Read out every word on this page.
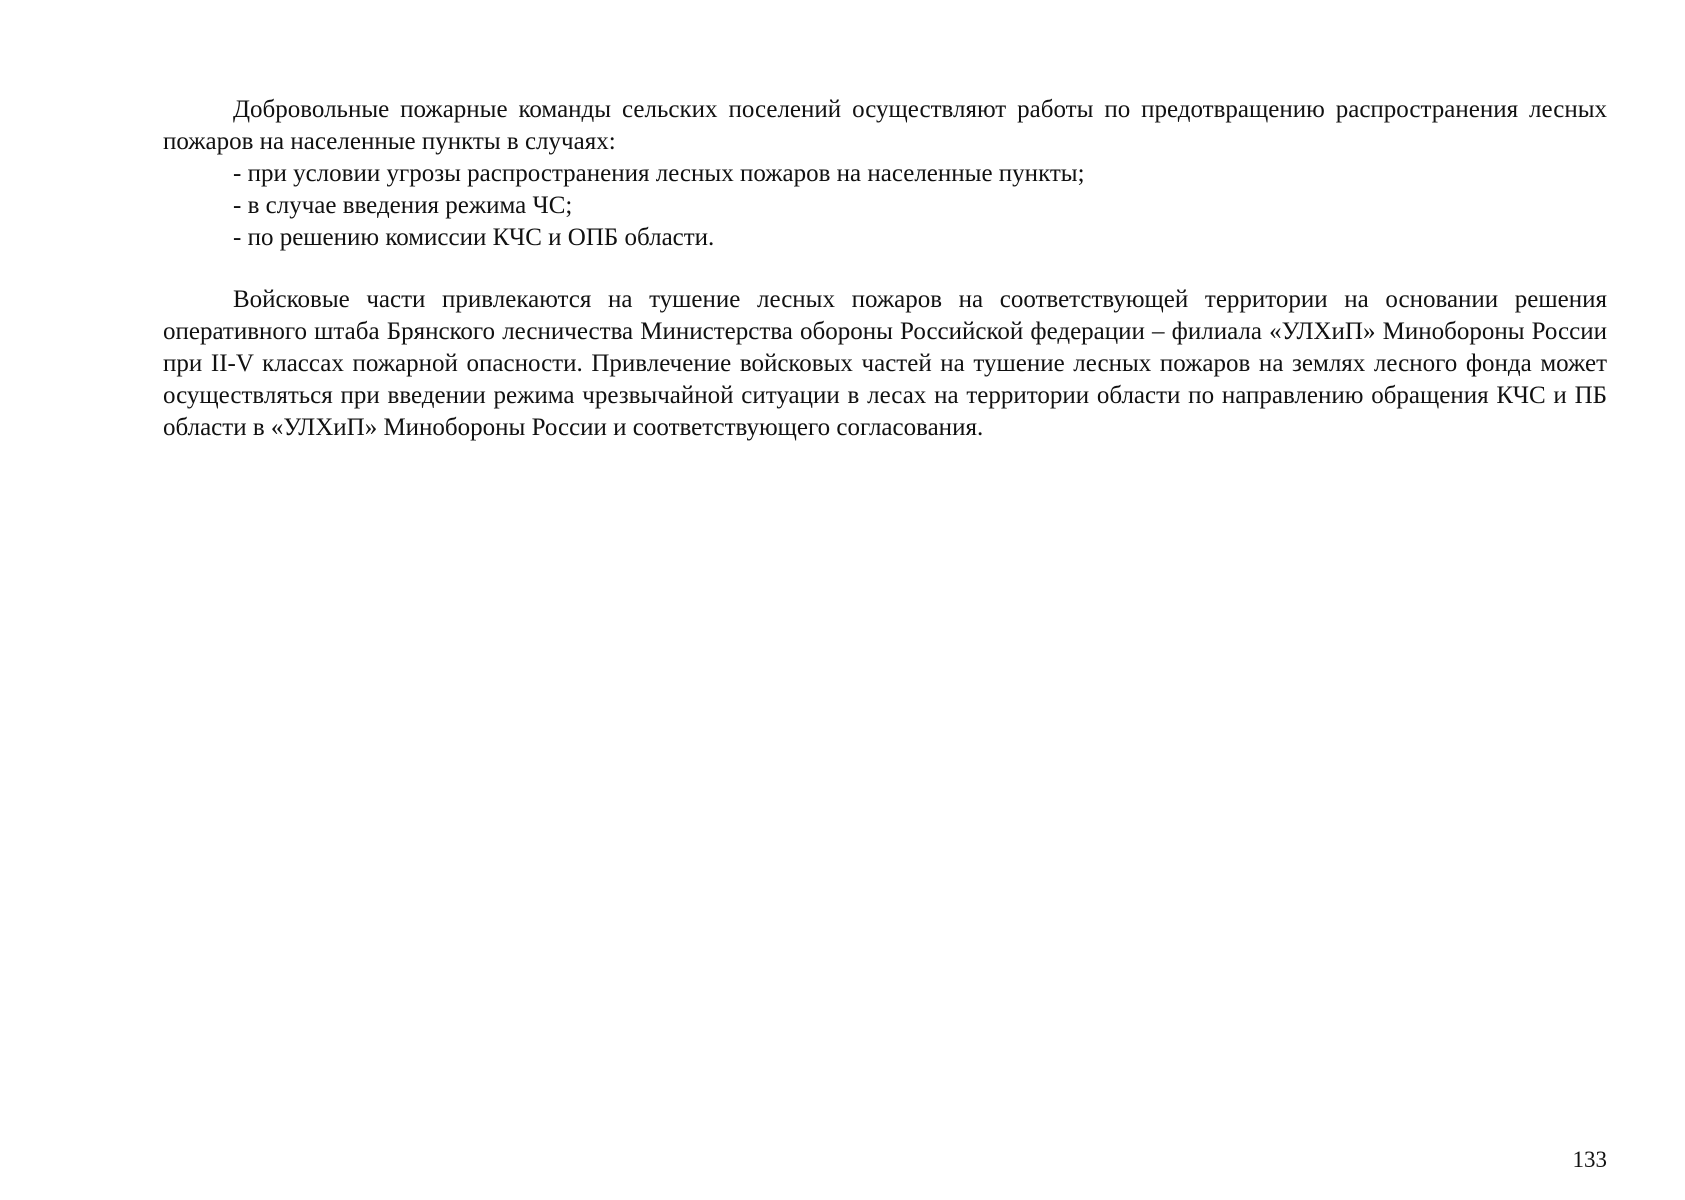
Добровольные пожарные команды сельских поселений осуществляют работы по предотвращению распространения лесных пожаров на населенные пункты в случаях:

- при условии угрозы распространения лесных пожаров на населенные пункты;
- в случае введения режима ЧС;
- по решению комиссии КЧС и ОПБ области.

Войсковые части привлекаются на тушение лесных пожаров на соответствующей территории на основании решения оперативного штаба Брянского лесничества Министерства обороны Российской федерации – филиала «УЛХиП» Минобороны России при II-V классах пожарной опасности. Привлечение войсковых частей на тушение лесных пожаров на землях лесного фонда может осуществляться при введении режима чрезвычайной ситуации в лесах на территории области по направлению обращения КЧС и ПБ области в «УЛХиП» Минобороны России и соответствующего согласования.

133
